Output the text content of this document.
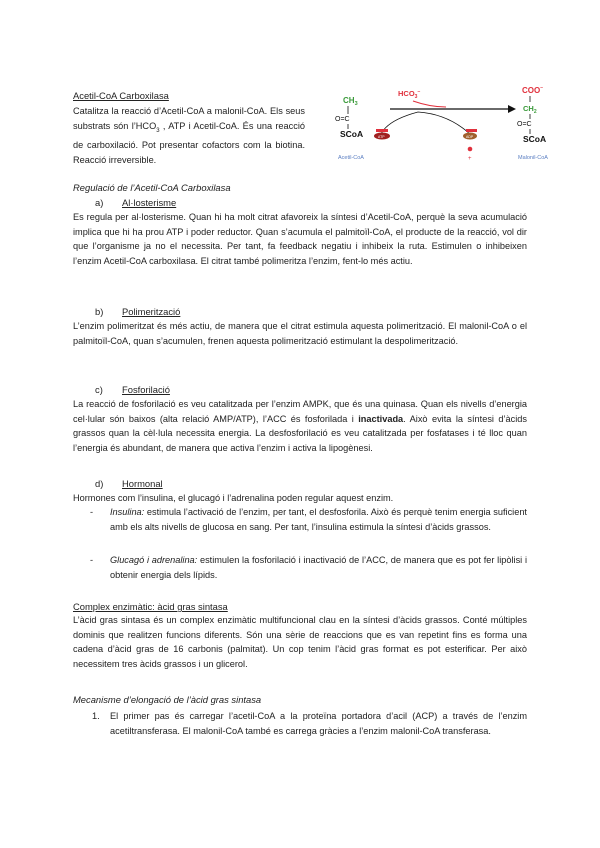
Acetil-CoA Carboxilasa
Catalitza la reacció d’Acetil-CoA a malonil-CoA. Els seus substrats són $l’HCO_3$ , ATP i Acetil-CoA. És una reacció de carboxilació. Pot presentar cofactors com la biotina. Reacció irreversible.
$CH_3$
O=C
SCoA
Acetil-CoA
$HCO_3^-$
ATP	ADP
+
COO−
$CH_2$
O=C
SCoA
Malonil-CoA
Regulació de l’Acetil-CoA Carboxilasa
a) Al·losterisme
Es regula per al·losterisme. Quan hi ha molt citrat afavoreix la síntesi d’Acetil-CoA, perquè la seva acumulació implica que hi ha prou ATP i poder reductor. Quan s’acumula el palmitoïl-CoA, el producte de la reacció, vol dir que l’organisme ja no el necessita. Per tant, fa feedback negatiu i inhibeix la ruta. Estimulen o inhibeixen l’enzim Acetil-CoA carboxilasa. El citrat també polimeritza l’enzim, fent-lo més actiu.
b) Polimerització
L’enzim polimeritzat és més actiu, de manera que el citrat estimula aquesta polimerització. El malonil-CoA o el palmitoïl-CoA, quan s’acumulen, frenen aquesta polimerització estimulant la despolimerització.
c) Fosforilació
La reacció de fosforilació es veu catalitzada per l’enzim AMPK, que és una quinasa. Quan els nivells d’energia cel·lular són baixos (alta relació AMP/ATP), l’ACC és fosforilada i inactivada. Això evita la síntesi d’àcids grassos quan la cèl·lula necessita energia. La desfosforilació es veu catalitzada per fosfatases i té lloc quan l’energia és abundant, de manera que activa l’enzim i activa la lipogènesi.
d) Hormonal
Hormones com l’insulina, el glucagó i l’adrenalina poden regular aquest enzim.
- Insulina: estimula l’activació de l’enzim, per tant, el desfosforila. Això és perquè tenim energia suficient amb els alts nivells de glucosa en sang. Per tant, l’insulina estimula la síntesi d’àcids grassos.
- Glucagó i adrenalina: estimulen la fosforilació i inactivació de l’ACC, de manera que es pot fer lipòlisi i obtenir energia dels lípids.
Complex enzimàtic: àcid gras sintasa
L’àcid gras sintasa és un complex enzimàtic multifuncional clau en la síntesi d’àcids grassos. Conté múltiples dominis que realitzen funcions diferents. Són una sèrie de reaccions que es van repetint fins es forma una cadena d’àcid gras de 16 carbonis (palmitat). Un cop tenim l’àcid gras format es pot esterificar. Per això necessitem tres àcids grassos i un glicerol.
Mecanisme d’elongació de l’àcid gras sintasa
1. El primer pas és carregar l’acetil-CoA a la proteïna portadora d’acil (ACP) a través de l’enzim acetiltransferasa. El malonil-CoA també es carrega gràcies a l’enzim malonil-CoA transferasa.
